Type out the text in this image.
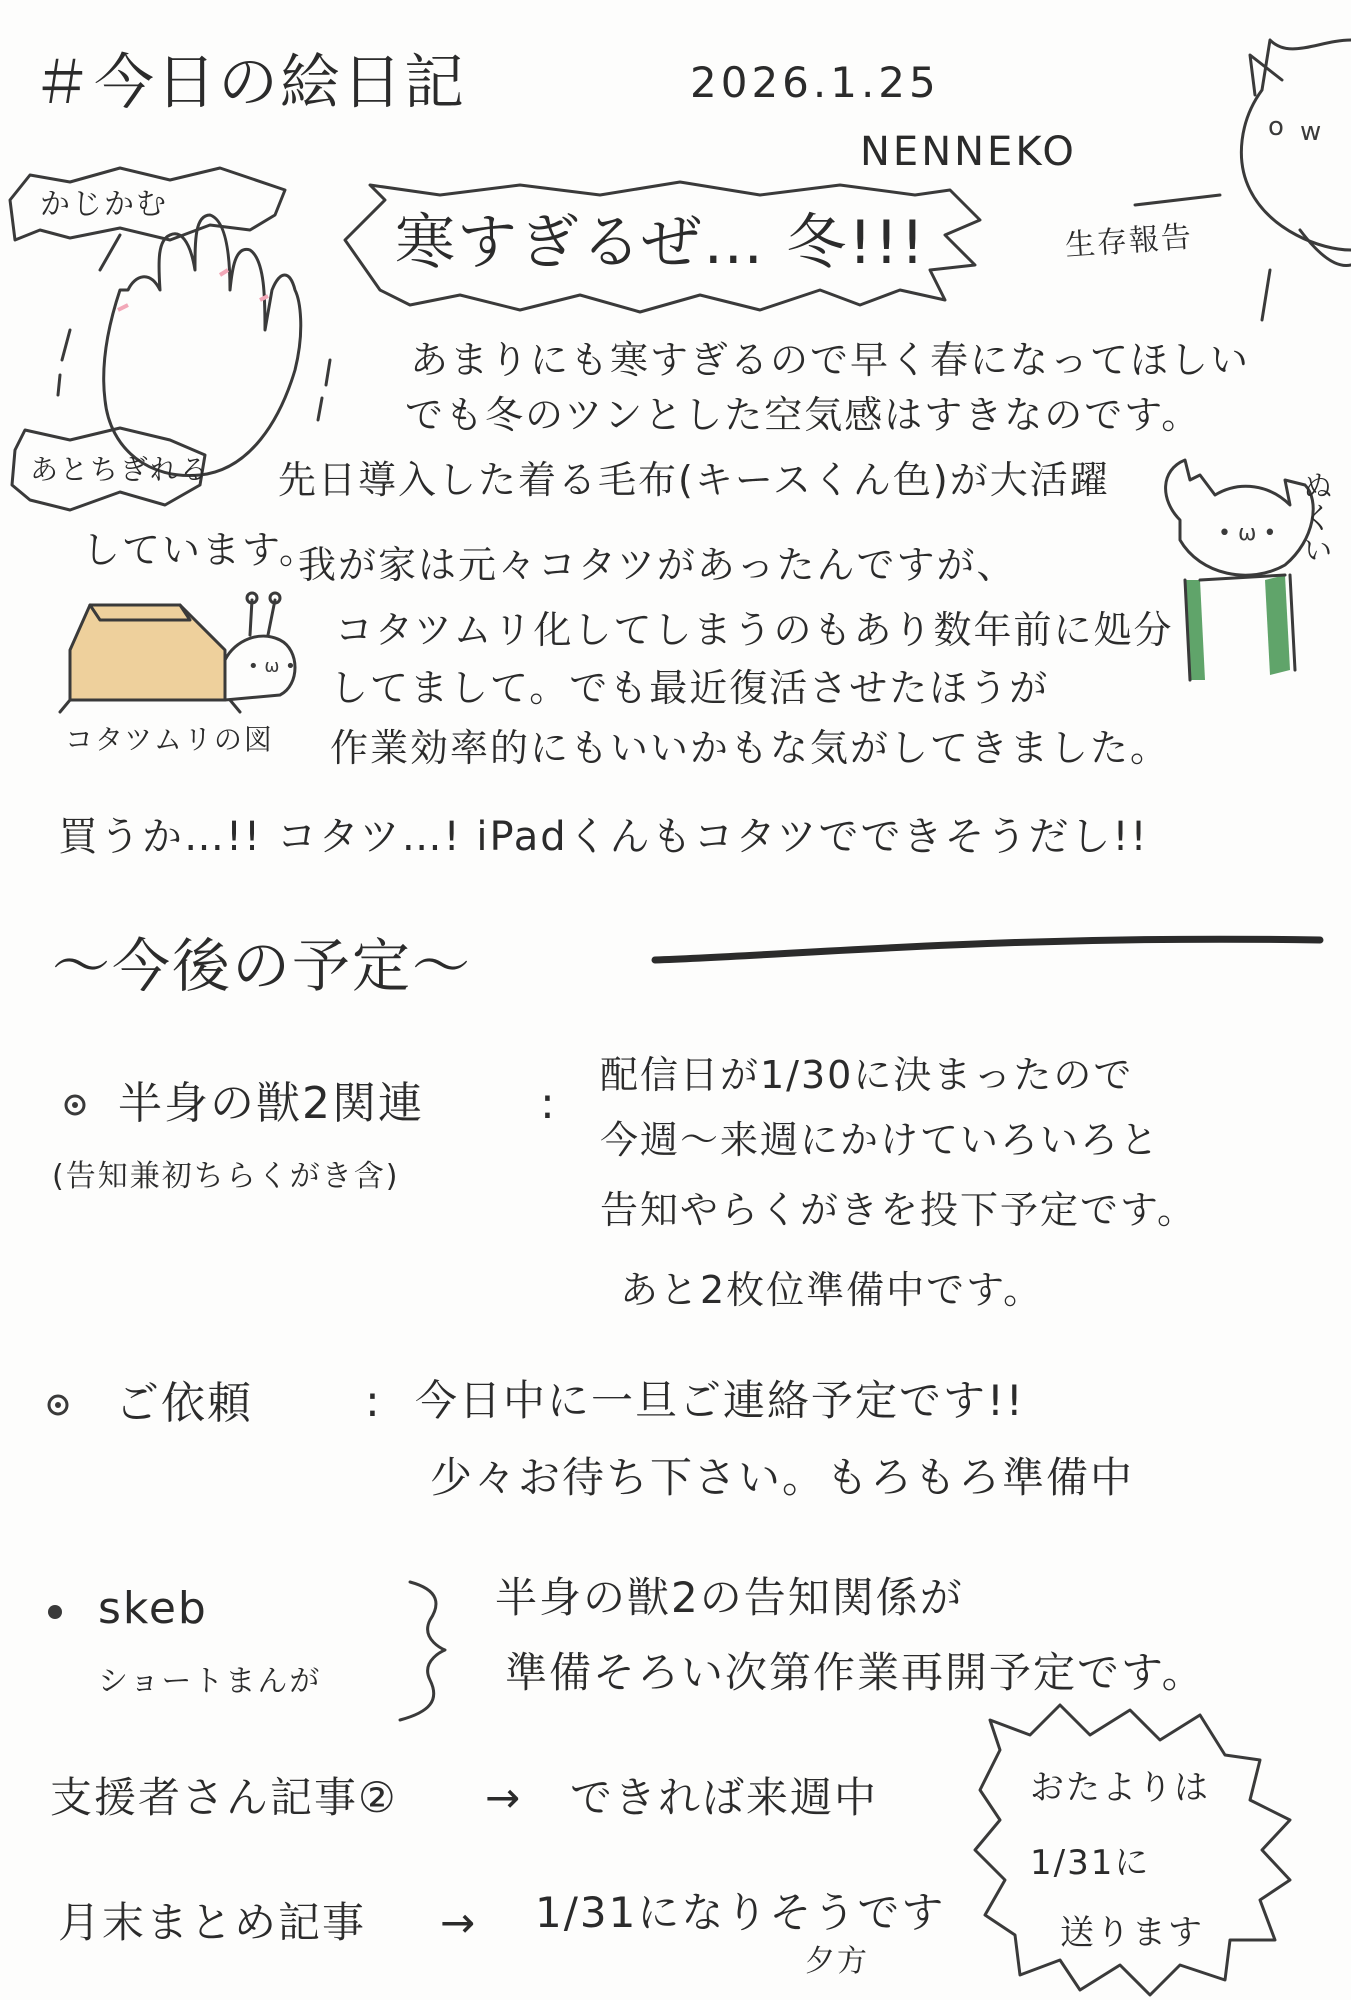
o w
• ω •
• ω •
＃今日の絵日記	2026.1.25
NENNEKO
かじかむ
あとちぎれる
生存報告
ぬくい
コタツムリの図
寒すぎるぜ… 冬!!!
あまりにも寒すぎるので早く春になってほしい
でも冬のツンとした空気感はすきなのです。
先日導入した着る毛布(キースくん色)が大活躍
しています。
我が家は元々コタツがあったんですが、
コタツムリ化してしまうのもあり数年前に処分
してまして。でも最近復活させたほうが
作業効率的にもいいかもな気がしてきました。
買うか…!! コタツ…! iPadくんもコタツでできそうだし!!
〜今後の予定〜
半身の獣2関連
(告知兼初ちらくがき含)
:
配信日が1/30に決まったので
今週〜来週にかけていろいろと
告知やらくがきを投下予定です。
あと2枚位準備中です。
ご依頼	: 今日中に一旦ご連絡予定です!!
少々お待ち下さい。もろもろ準備中
skeb
ショートまんが
半身の獣2の告知関係が
準備そろい次第作業再開予定です。
支援者さん記事② → できれば来週中
月末まとめ記事 → 1/31になりそうです
夕方
おたよりは
1/31に
送ります
